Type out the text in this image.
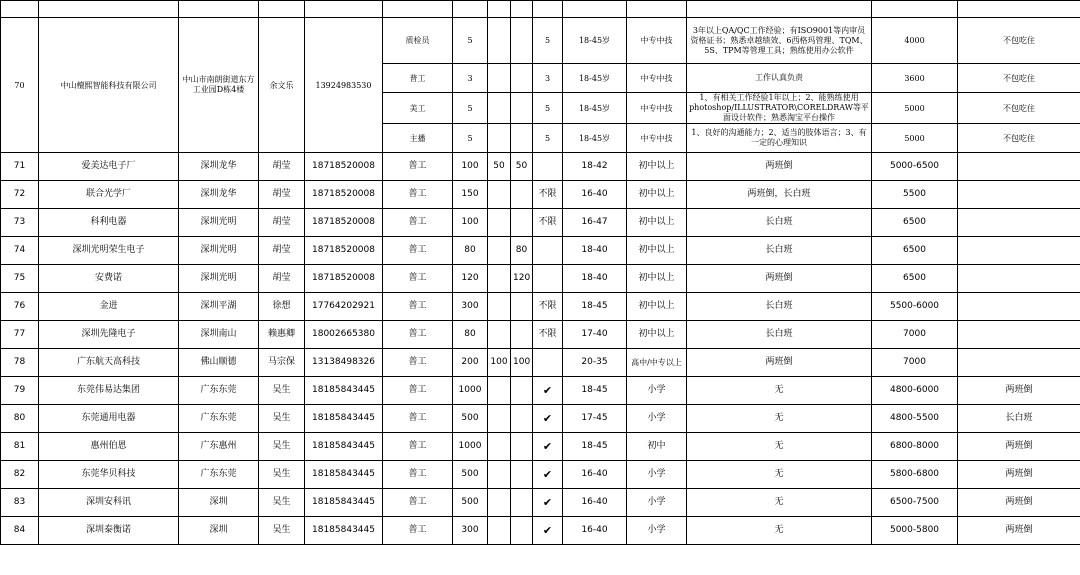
70	中山檀熙智能科技有限公司	中山市南朗街道东方工业园D栋4楼	余文乐	13924983530	质检员	5			5	18-45岁	中专中技	3年以上QA/QC工作经验；有ISO9001等内审员资格证书；熟悉卓越绩效、6西格玛管理、TQM、5S、TPM等管理工具；熟练使用办公软件	4000	不包吃住
					普工	3			3	18-45岁	中专中技	工作认真负责	3600	不包吃住
					美工	5			5	18-45岁	中专中技	1、有相关工作经验1年以上；2、能熟练使用photoshop/ILLUSTRATOR\CORELDRAW等平面设计软件；熟悉淘宝平台操作	5000	不包吃住
					主播	5			5	18-45岁	中专中技	1、良好的沟通能力；2、适当的肢体语言；3、有一定的心理知识	5000	不包吃住
71	爱美达电子厂	深圳龙华	胡莹	18718520008	普工	100	50	50		18-42	初中以上	两班倒	5000-6500	
72	联合光学厂	深圳龙华	胡莹	18718520008	普工	150			不限	16-40	初中以上	两班倒，长白班	5500	
73	科利电器	深圳光明	胡莹	18718520008	普工	100			不限	16-47	初中以上	长白班	6500	
74	深圳光明荣生电子	深圳光明	胡莹	18718520008	普工	80		80		18-40	初中以上	长白班	6500	
75	安费诺	深圳光明	胡莹	18718520008	普工	120		120		18-40	初中以上	两班倒	6500	
76	金进	深圳平湖	徐想	17764202921	普工	300			不限	18-45	初中以上	长白班	5500-6000	
77	深圳先隆电子	深圳南山	赖惠卿	18002665380	普工	80			不限	17-40	初中以上	长白班	7000	
78	广东航天高科技	佛山顺德	马宗保	13138498326	普工	200	100	100		20-35	高中/中专以上	两班倒	7000	
79	东莞伟易达集团	广东东莞	吴生	18185843445	普工	1000			✔	18-45	小学	无	4800-6000	两班倒
80	东莞通用电器	广东东莞	吴生	18185843445	普工	500			✔	17-45	小学	无	4800-5500	长白班
81	惠州伯恩	广东惠州	吴生	18185843445	普工	1000			✔	18-45	初中	无	6800-8000	两班倒
82	东莞华贝科技	广东东莞	吴生	18185843445	普工	500			✔	16-40	小学	无	5800-6800	两班倒
83	深圳安科讯	深圳	吴生	18185843445	普工	500			✔	16-40	小学	无	6500-7500	两班倒
84	深圳泰衡诺	深圳	吴生	18185843445	普工	300			✔	16-40	小学	无	5000-5800	两班倒
